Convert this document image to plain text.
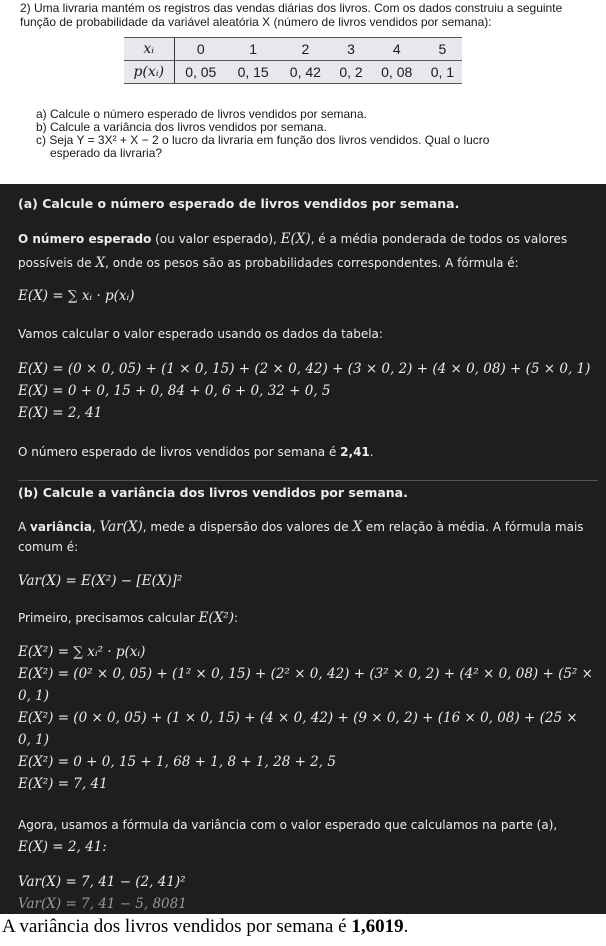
2) Uma livraria mantém os registros das vendas diárias dos livros. Com os dados construiu a seguinte função de probabilidade da variável aleatória X (número de livros vendidos por semana):
xᵢ	0	1	2	3	4	5
p(xᵢ)	0, 05	0, 15	0, 42	0, 2	0, 08	0, 1
a) Calcule o número esperado de livros vendidos por semana.
b) Calcule a variância dos livros vendidos por semana.
c) Seja Y = 3X² + X − 2 o lucro da livraria em função dos livros vendidos. Qual o lucro
esperado da livraria?
(a) Calcule o número esperado de livros vendidos por semana.
O número esperado (ou valor esperado), E(X), é a média ponderada de todos os valores
possíveis de X, onde os pesos são as probabilidades correspondentes. A fórmula é:
E(X) = ∑ xᵢ · p(xᵢ)
Vamos calcular o valor esperado usando os dados da tabela:
E(X) = (0 × 0, 05) + (1 × 0, 15) + (2 × 0, 42) + (3 × 0, 2) + (4 × 0, 08) + (5 × 0, 1)
E(X) = 0 + 0, 15 + 0, 84 + 0, 6 + 0, 32 + 0, 5
E(X) = 2, 41
O número esperado de livros vendidos por semana é 2,41.
(b) Calcule a variância dos livros vendidos por semana.
A variância, Var(X), mede a dispersão dos valores de X em relação à média. A fórmula mais
comum é:
Var(X) = E(X²) − [E(X)]²
Primeiro, precisamos calcular E(X²):
E(X²) = ∑ xᵢ² · p(xᵢ)
E(X²) = (0² × 0, 05) + (1² × 0, 15) + (2² × 0, 42) + (3² × 0, 2) + (4² × 0, 08) + (5² ×
0, 1)
E(X²) = (0 × 0, 05) + (1 × 0, 15) + (4 × 0, 42) + (9 × 0, 2) + (16 × 0, 08) + (25 ×
0, 1)
E(X²) = 0 + 0, 15 + 1, 68 + 1, 8 + 1, 28 + 2, 5
E(X²) = 7, 41
Agora, usamos a fórmula da variância com o valor esperado que calculamos na parte (a),
E(X) = 2, 41:
Var(X) = 7, 41 − (2, 41)²
Var(X) = 7, 41 − 5, 8081
A variância dos livros vendidos por semana é 1,6019.
